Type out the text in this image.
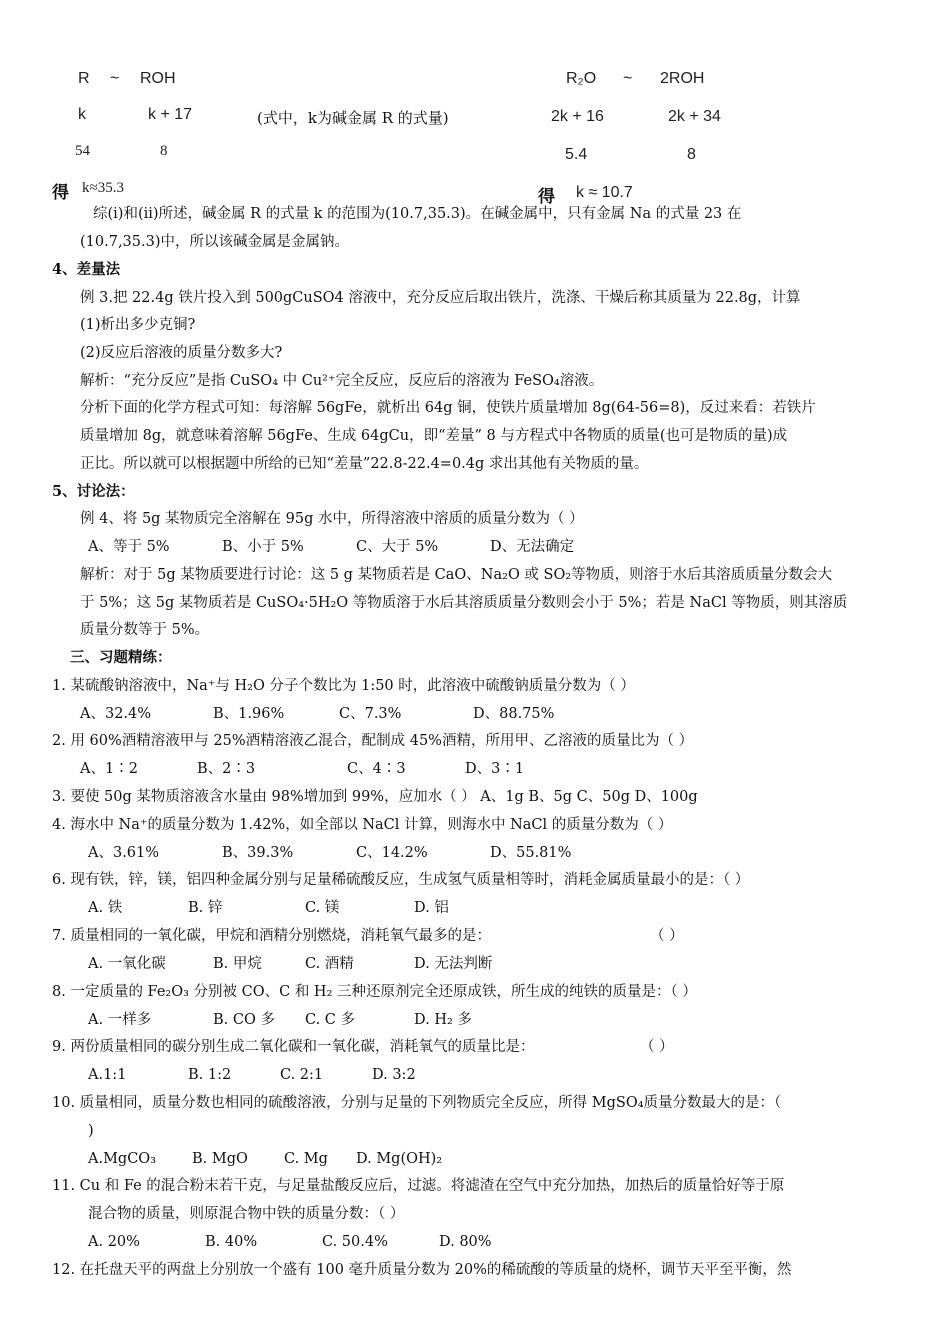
R ~ ROH
k	k + 17	(式中，k为碱金属 R 的式量)
54	8
得 k≈35.3
R₂O ~ 2ROH
2k + 16	2k + 34
5.4	8
得 k ≈ 10.7
综(i)和(ii)所述，碱金属 R 的式量 k 的范围为(10.7,35.3)。在碱金属中，只有金属 Na 的式量 23 在
(10.7,35.3)中，所以该碱金属是金属钠。
4、差量法
例 3.把 22.4g 铁片投入到 500gCuSO4 溶液中，充分反应后取出铁片，洗涤、干燥后称其质量为 22.8g，计算
(1)析出多少克铜?
(2)反应后溶液的质量分数多大?
解析：“充分反应”是指 CuSO₄ 中 Cu²⁺完全反应，反应后的溶液为 FeSO₄溶液。
分析下面的化学方程式可知：每溶解 56gFe，就析出 64g 铜，使铁片质量增加 8g(64-56=8)，反过来看：若铁片
质量增加 8g，就意味着溶解 56gFe、生成 64gCu，即“差量” 8 与方程式中各物质的质量(也可是物质的量)成
正比。所以就可以根据题中所给的已知“差量”22.8-22.4=0.4g 求出其他有关物质的量。
5、讨论法：
例 4、将 5g 某物质完全溶解在 95g 水中，所得溶液中溶质的质量分数为（ ）
A、等于 5%	B、小于 5%	C、大于 5%	D、无法确定
解析：对于 5g 某物质要进行讨论：这 5 g 某物质若是 CaO、Na₂O 或 SO₂等物质，则溶于水后其溶质质量分数会大
于 5%；这 5g 某物质若是 CuSO₄·5H₂O 等物质溶于水后其溶质质量分数则会小于 5%；若是 NaCl 等物质，则其溶质
质量分数等于 5%。
三、习题精练：
1. 某硫酸钠溶液中，Na⁺与 H₂O 分子个数比为 1:50 时，此溶液中硫酸钠质量分数为（ ）
A、32.4%	B、1.96%	C、7.3%	D、88.75%
2. 用 60%酒精溶液甲与 25%酒精溶液乙混合，配制成 45%酒精，所用甲、乙溶液的质量比为（ ）
A、1∶2	B、2∶3	C、4∶3	D、3∶1
3. 要使 50g 某物质溶液含水量由 98%增加到 99%，应加水（ ） A、1g B、5g C、50g D、100g
4. 海水中 Na⁺的质量分数为 1.42%，如全部以 NaCl 计算，则海水中 NaCl 的质量分数为（ ）
A、3.61%	B、39.3%	C、14.2%	D、55.81%
6. 现有铁，锌，镁，铝四种金属分别与足量稀硫酸反应，生成氢气质量相等时，消耗金属质量最小的是：（ ）
A. 铁	B. 锌	C. 镁	D. 铝
7. 质量相同的一氧化碳，甲烷和酒精分别燃烧，消耗氧气最多的是：	（ ）
A. 一氧化碳	B. 甲烷	C. 酒精	D. 无法判断
8. 一定质量的 Fe₂O₃ 分别被 CO、C 和 H₂ 三种还原剂完全还原成铁，所生成的纯铁的质量是：（ ）
A. 一样多	B. CO 多 C. C 多	D. H₂ 多
9. 两份质量相同的碳分别生成二氧化碳和一氧化碳，消耗氧气的质量比是：	（ ）
A.1:1	B. 1:2	C. 2:1	D. 3:2
10. 质量相同，质量分数也相同的硫酸溶液，分别与足量的下列物质完全反应，所得 MgSO₄质量分数最大的是：（
)
A.MgCO₃ B. MgO C. Mg D. Mg(OH)₂
11. Cu 和 Fe 的混合粉末若干克，与足量盐酸反应后，过滤。将滤渣在空气中充分加热，加热后的质量恰好等于原
混合物的质量，则原混合物中铁的质量分数：（ ）
A. 20%	B. 40%	C. 50.4%	D. 80%
12. 在托盘天平的两盘上分别放一个盛有 100 毫升质量分数为 20%的稀硫酸的等质量的烧杯，调节天平至平衡，然
